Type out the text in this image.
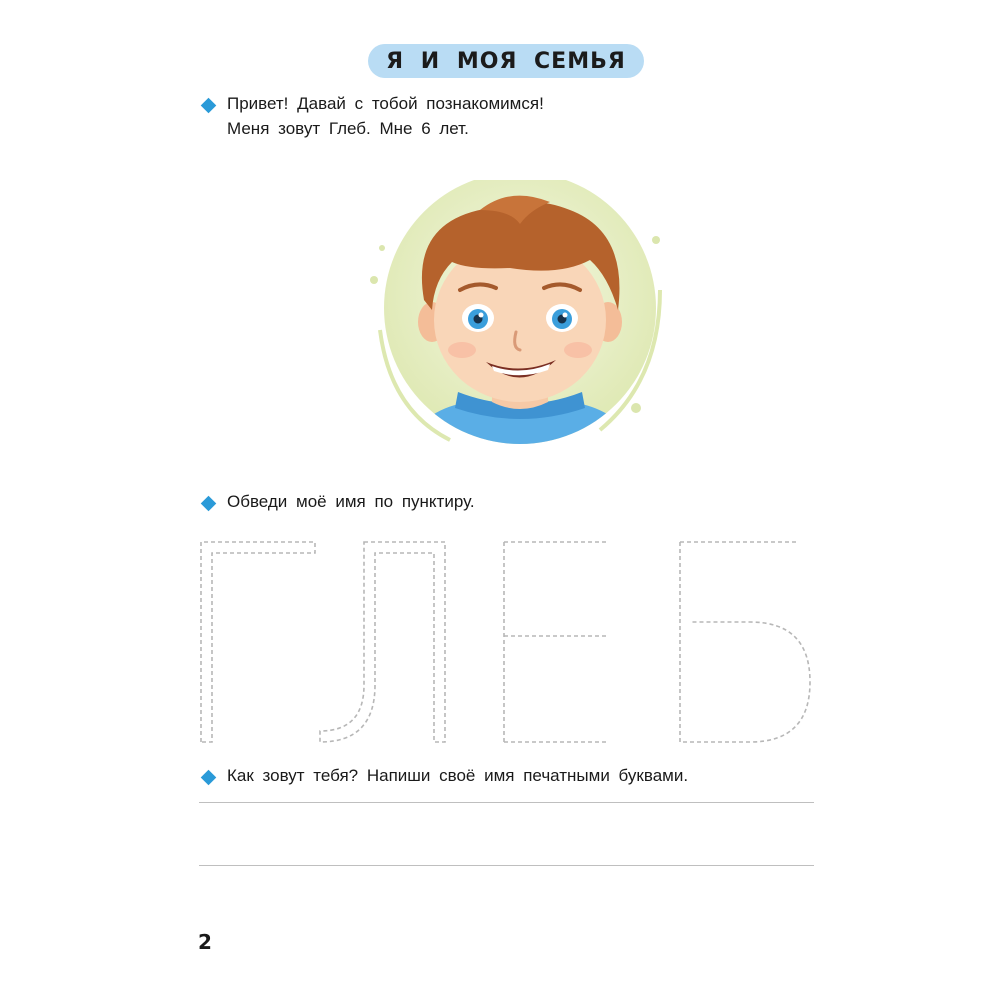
Я И МОЯ СЕМЬЯ
Привет! Давай с тобой познакомимся!
Меня зовут Глеб. Мне 6 лет.
Обведи моё имя по пунктиру.
Как зовут тебя? Напиши своё имя печатными буквами.
2
